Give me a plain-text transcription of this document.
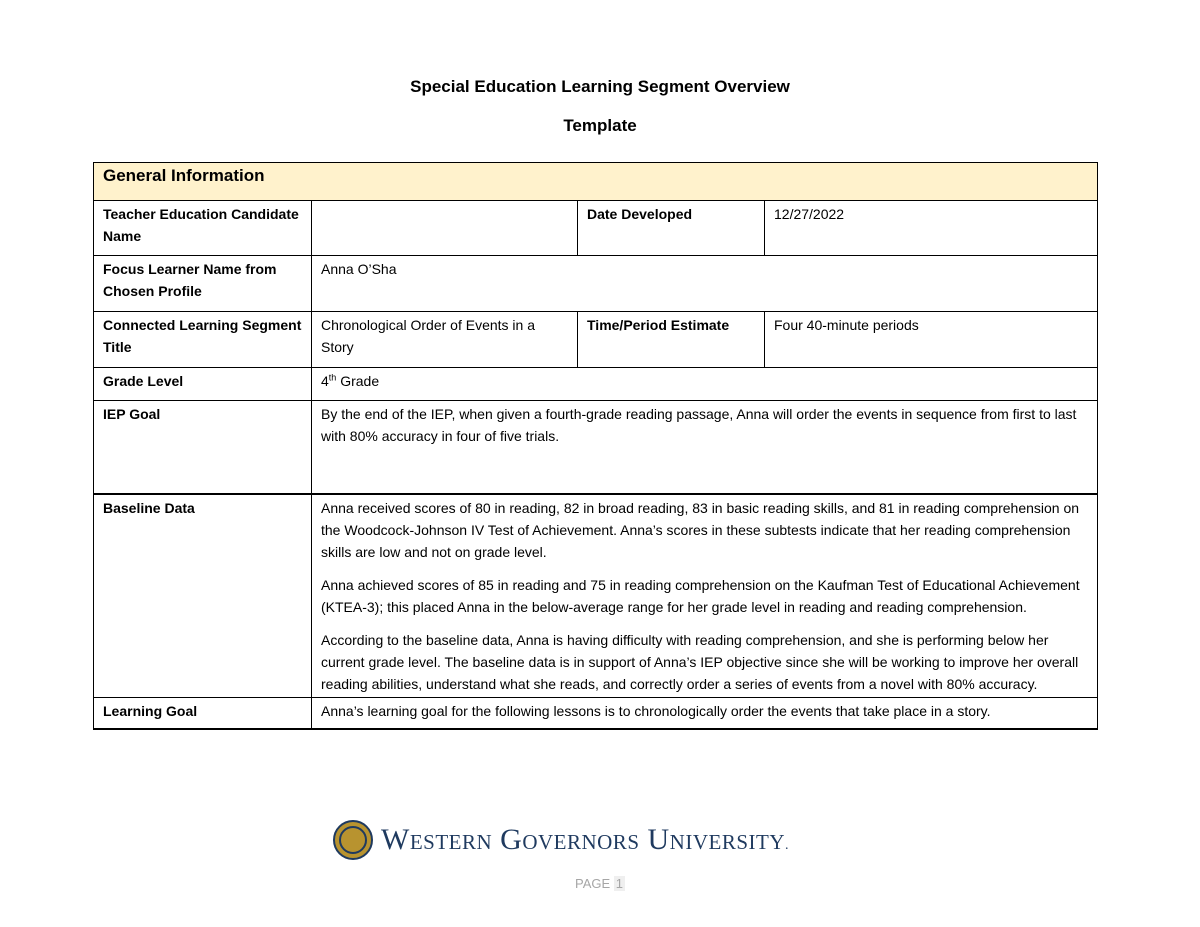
Special Education Learning Segment Overview
Template
General Information			
Teacher Education Candidate Name		Date Developed	12/27/2022
Focus Learner Name from Chosen Profile	Anna O’Sha		
Connected Learning Segment Title	Chronological Order of Events in a Story	Time/Period Estimate	Four 40-minute periods
Grade Level	4th Grade		
IEP Goal	By the end of the IEP, when given a fourth-grade reading passage, Anna will order the events in sequence from first to last with 80% accuracy in four of five trials.		
Baseline Data	Anna received scores of 80 in reading, 82 in broad reading, 83 in basic reading skills, and 81 in reading comprehension on the Woodcock-Johnson IV Test of Achievement. Anna’s scores in these subtests indicate that her reading comprehension skills are low and not on grade level.

Anna achieved scores of 85 in reading and 75 in reading comprehension on the Kaufman Test of Educational Achievement (KTEA-3); this placed Anna in the below-average range for her grade level in reading and reading comprehension.

According to the baseline data, Anna is having difficulty with reading comprehension, and she is performing below her current grade level. The baseline data is in support of Anna’s IEP objective since she will be working to improve her overall reading abilities, understand what she reads, and correctly order a series of events from a novel with 80% accuracy.		

Learning Goal	Anna’s learning goal for the following lessons is to chronologically order the events that take place in a story.		
Western Governors University.
PAGE 1
